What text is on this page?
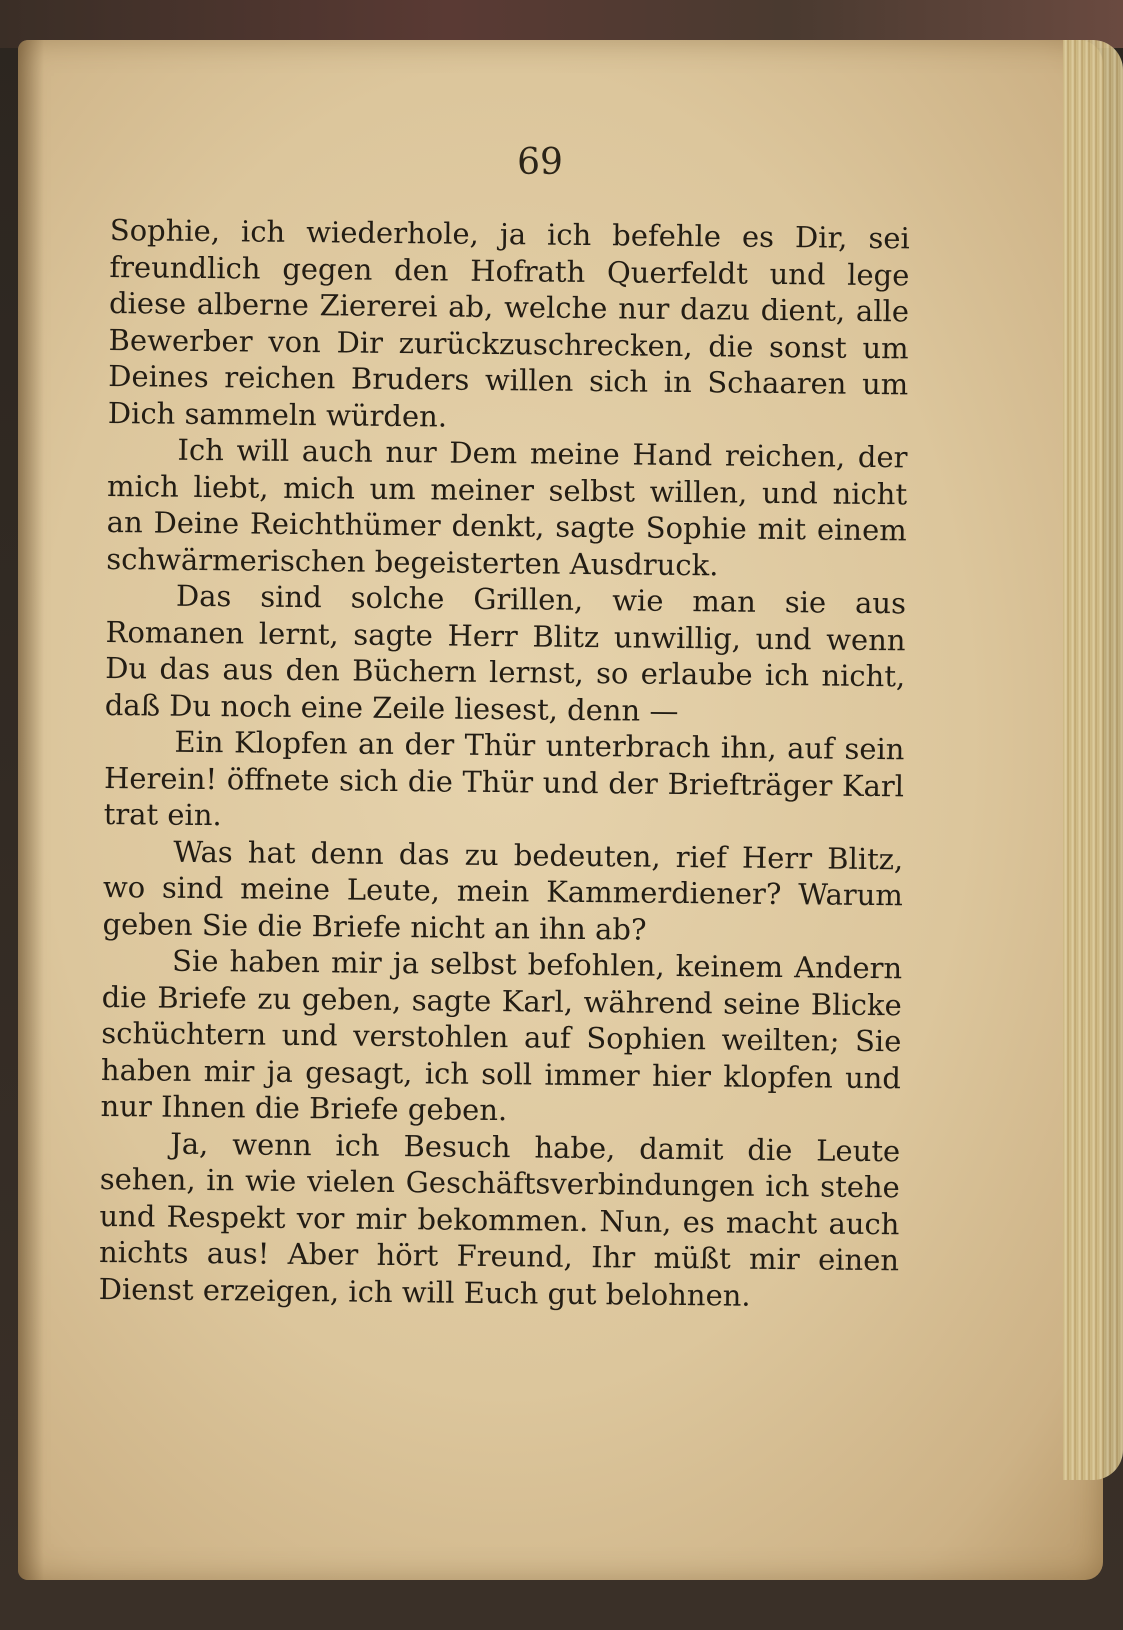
69

Sophie, ich wiederhole, ja ich befehle es Dir, sei freundlich gegen den Hofrath Querfeldt und lege diese alberne Ziererei ab, welche nur dazu dient, alle Bewerber von Dir zurückzuschrecken, die sonst um Deines reichen Bruders willen sich in Schaaren um Dich sammeln würden.

Ich will auch nur Dem meine Hand reichen, der mich liebt, mich um meiner selbst willen, und nicht an Deine Reichthümer denkt, sagte Sophie mit einem schwärmerischen begeisterten Ausdruck.

Das sind solche Grillen, wie man sie aus Romanen lernt, sagte Herr Blitz unwillig, und wenn Du das aus den Büchern lernst, so erlaube ich nicht, daß Du noch eine Zeile liesest, denn —

Ein Klopfen an der Thür unterbrach ihn, auf sein Herein! öffnete sich die Thür und der Briefträger Karl trat ein.

Was hat denn das zu bedeuten, rief Herr Blitz, wo sind meine Leute, mein Kammerdiener? Warum geben Sie die Briefe nicht an ihn ab?

Sie haben mir ja selbst befohlen, keinem Andern die Briefe zu geben, sagte Karl, während seine Blicke schüchtern und verstohlen auf Sophien weilten; Sie haben mir ja gesagt, ich soll immer hier klopfen und nur Ihnen die Briefe geben.

Ja, wenn ich Besuch habe, damit die Leute sehen, in wie vielen Geschäftsverbindungen ich stehe und Respekt vor mir bekommen. Nun, es macht auch nichts aus! Aber hört Freund, Ihr müßt mir einen Dienst erzeigen, ich will Euch gut belohnen.
